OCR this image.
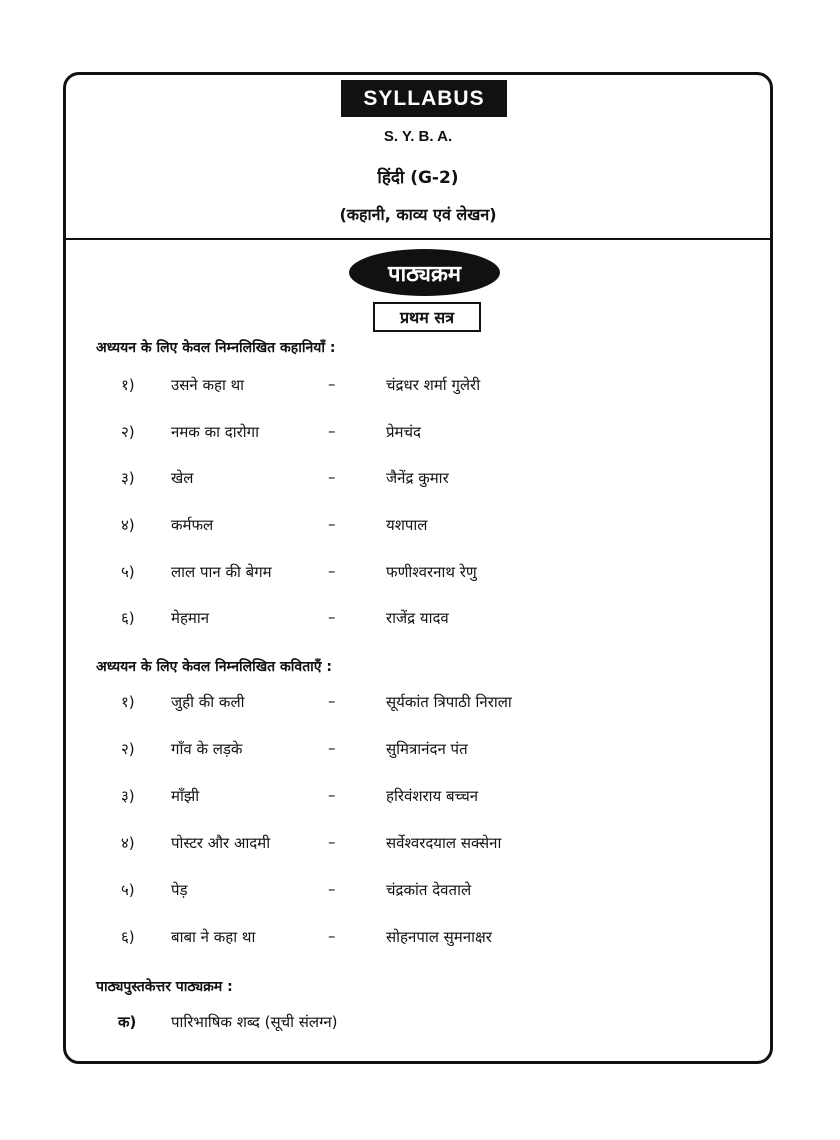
SYLLABUS
S. Y. B. A.
हिंदी (G-2)
(कहानी, काव्य एवं लेखन)
पाठ्यक्रम
प्रथम सत्र
अध्ययन के लिए केवल निम्नलिखित कहानियाँ :
१) उसने कहा था	–	चंद्रधर शर्मा गुलेरी
२) नमक का दारोगा	–	प्रेमचंद
३) खेल	–	जैनेंद्र कुमार
४) कर्मफल	–	यशपाल
५) लाल पान की बेगम	–	फणीश्वरनाथ रेणु
६) मेहमान	–	राजेंद्र यादव
अध्ययन के लिए केवल निम्नलिखित कविताएँ :
१) जुही की कली	–	सूर्यकांत त्रिपाठी निराला
२) गाँव के लड़के	–	सुमित्रानंदन पंत
३) माँझी	–	हरिवंशराय बच्चन
४) पोस्टर और आदमी	–	सर्वेश्वरदयाल सक्सेना
५) पेड़	–	चंद्रकांत देवताले
६) बाबा ने कहा था	–	सोहनपाल सुमनाक्षर
पाठ्यपुस्तकेत्तर पाठ्यक्रम :
क) पारिभाषिक शब्द (सूची संलग्न)
